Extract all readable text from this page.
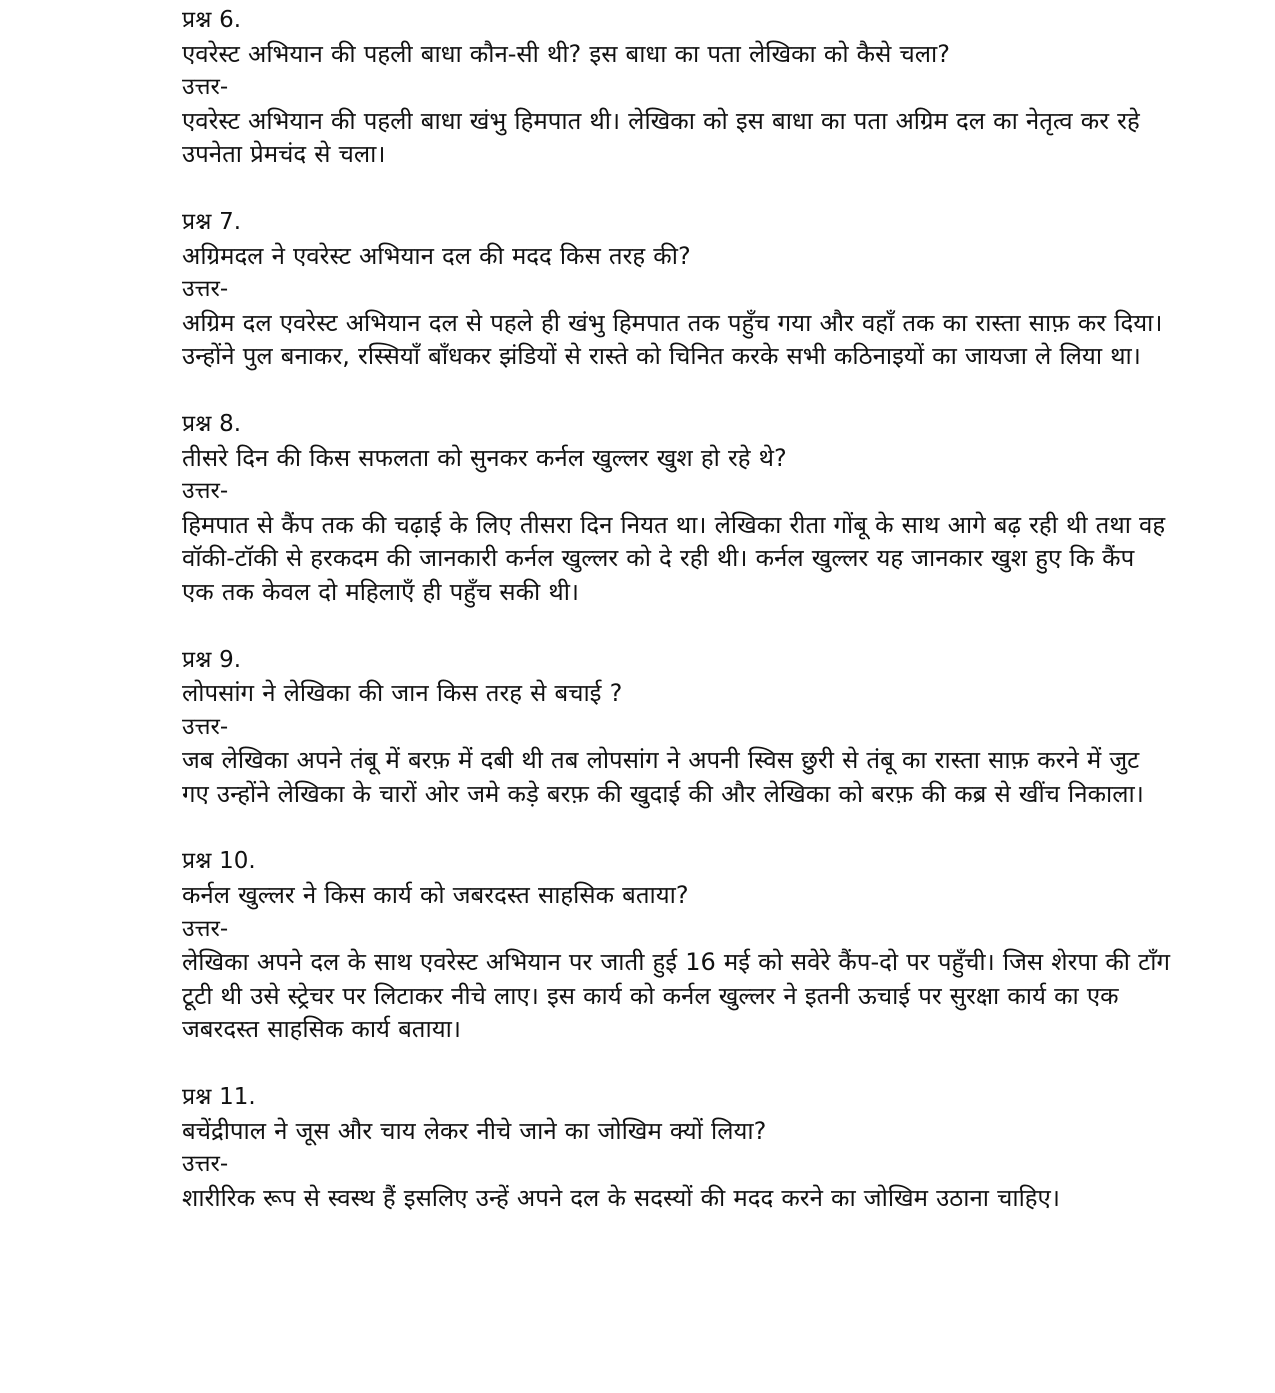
प्रश्न 6.

एवरेस्ट अभियान की पहली बाधा कौन-सी थी? इस बाधा का पता लेखिका को कैसे चला?

उत्तर-

एवरेस्ट अभियान की पहली बाधा खंभु हिमपात थी। लेखिका को इस बाधा का पता अग्रिम दल का नेतृत्व कर रहे उपनेता प्रेमचंद से चला।

प्रश्न 7.

अग्रिमदल ने एवरेस्ट अभियान दल की मदद किस तरह की?

उत्तर-

अग्रिम दल एवरेस्ट अभियान दल से पहले ही खंभु हिमपात तक पहुँच गया और वहाँ तक का रास्ता साफ़ कर दिया। उन्होंने पुल बनाकर, रस्सियाँ बाँधकर झंडियों से रास्ते को चिनित करके सभी कठिनाइयों का जायजा ले लिया था।

प्रश्न 8.

तीसरे दिन की किस सफलता को सुनकर कर्नल खुल्लर खुश हो रहे थे?

उत्तर-

हिमपात से कैंप तक की चढ़ाई के लिए तीसरा दिन नियत था। लेखिका रीता गोंबू के साथ आगे बढ़ रही थी तथा वह वॉकी-टॉकी से हरकदम की जानकारी कर्नल खुल्लर को दे रही थी। कर्नल खुल्लर यह जानकार खुश हुए कि कैंप एक तक केवल दो महिलाएँ ही पहुँच सकी थी।

प्रश्न 9.

लोपसांग ने लेखिका की जान किस तरह से बचाई ?

उत्तर-

जब लेखिका अपने तंबू में बरफ़ में दबी थी तब लोपसांग ने अपनी स्विस छुरी से तंबू का रास्ता साफ़ करने में जुट गए उन्होंने लेखिका के चारों ओर जमे कड़े बरफ़ की खुदाई की और लेखिका को बरफ़ की कब्र से खींच निकाला।

प्रश्न 10.

कर्नल खुल्लर ने किस कार्य को जबरदस्त साहसिक बताया?

उत्तर-

लेखिका अपने दल के साथ एवरेस्ट अभियान पर जाती हुई 16 मई को सवेरे कैंप-दो पर पहुँची। जिस शेरपा की टाँग टूटी थी उसे स्ट्रेचर पर लिटाकर नीचे लाए। इस कार्य को कर्नल खुल्लर ने इतनी ऊचाई पर सुरक्षा कार्य का एक जबरदस्त साहसिक कार्य बताया।

प्रश्न 11.

बचेंद्रीपाल ने जूस और चाय लेकर नीचे जाने का जोखिम क्यों लिया?

उत्तर-

शारीरिक रूप से स्वस्थ हैं इसलिए उन्हें अपने दल के सदस्यों की मदद करने का जोखिम उठाना चाहिए।
